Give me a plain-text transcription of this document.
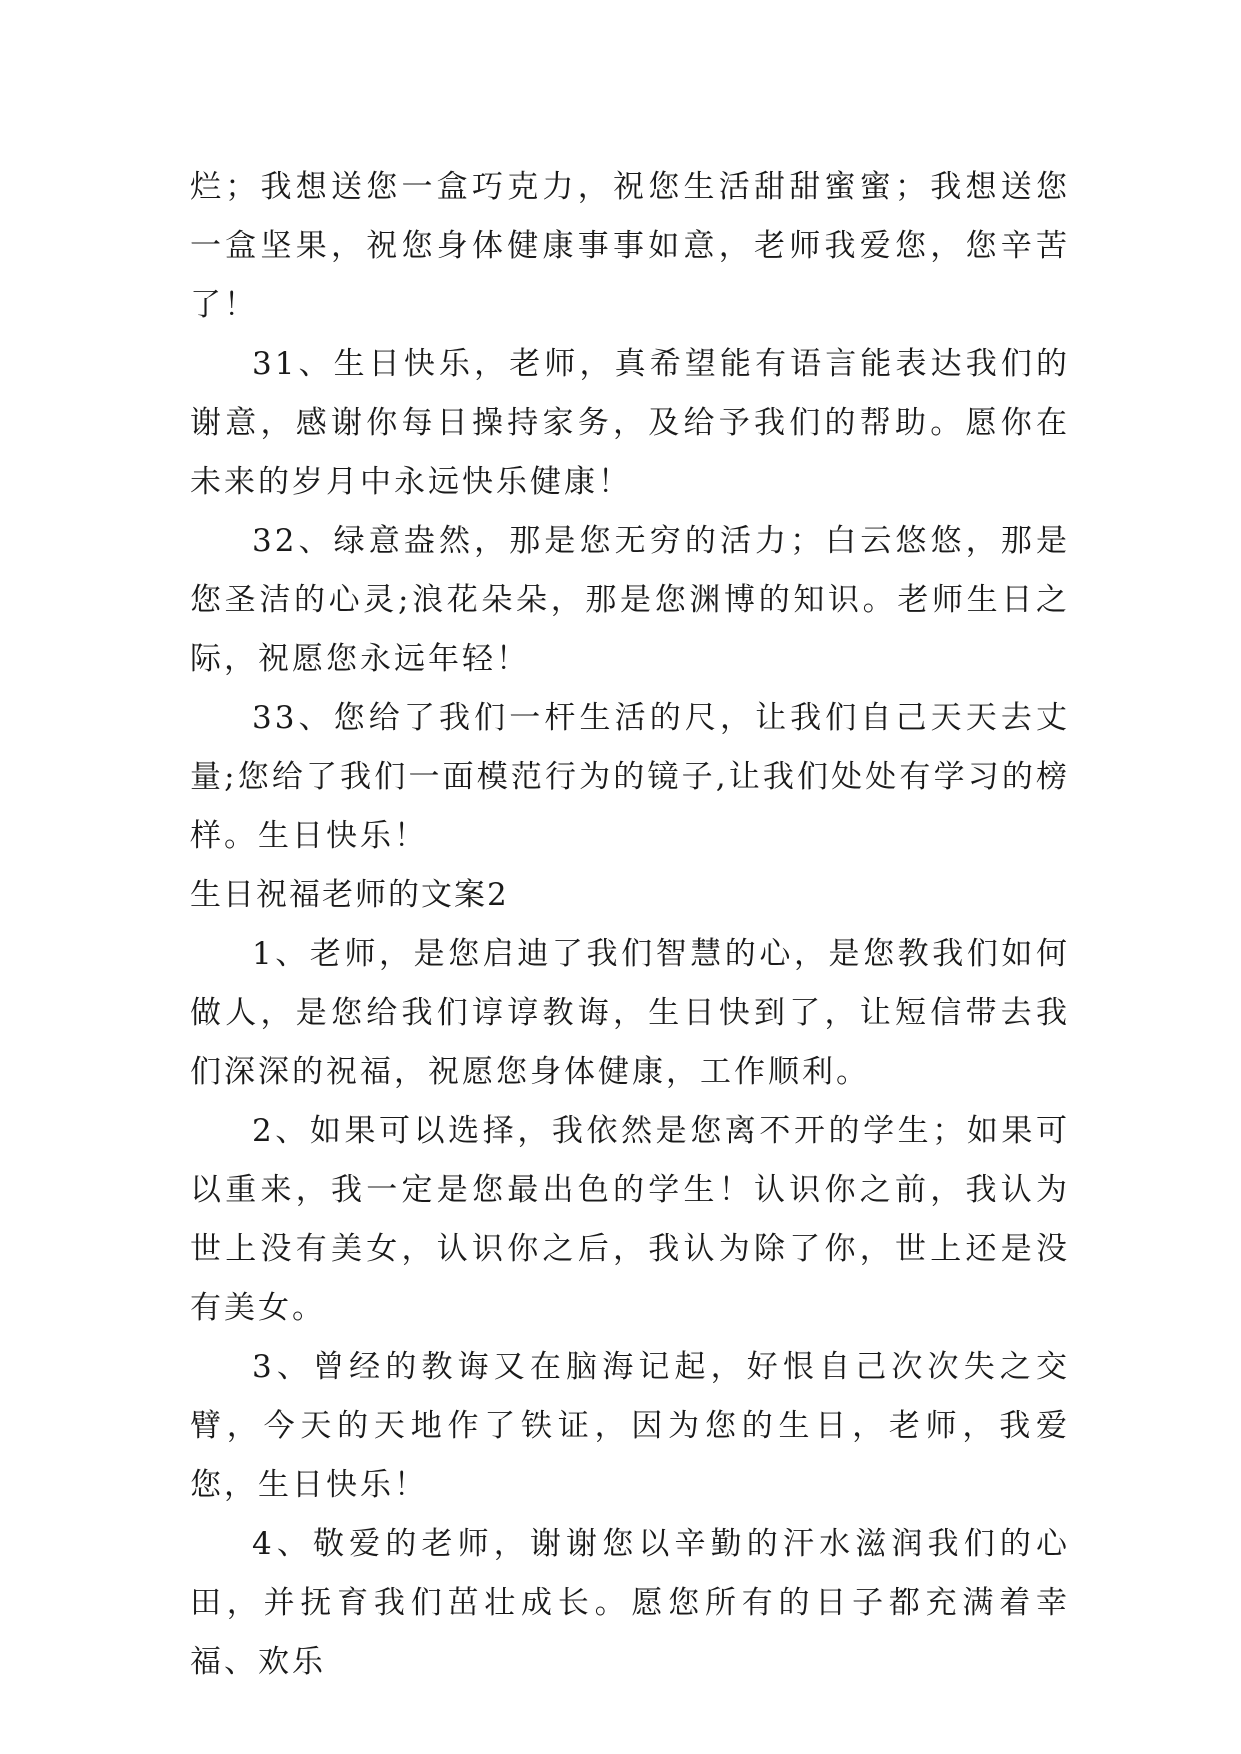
烂；我想送您一盒巧克力，祝您生活甜甜蜜蜜；我想送您一盒坚果，祝您身体健康事事如意，老师我爱您，您辛苦了！

31、生日快乐，老师，真希望能有语言能表达我们的谢意，感谢你每日操持家务，及给予我们的帮助。愿你在未来的岁月中永远快乐健康！

32、绿意盎然，那是您无穷的活力；白云悠悠，那是您圣洁的心灵;浪花朵朵，那是您渊博的知识。老师生日之际，祝愿您永远年轻！

33、您给了我们一杆生活的尺，让我们自己天天去丈量;您给了我们一面模范行为的镜子,让我们处处有学习的榜样。生日快乐！

生日祝福老师的文案2

1、老师，是您启迪了我们智慧的心，是您教我们如何做人，是您给我们谆谆教诲，生日快到了，让短信带去我们深深的祝福，祝愿您身体健康，工作顺利。

2、如果可以选择，我依然是您离不开的学生；如果可以重来，我一定是您最出色的学生！认识你之前，我认为世上没有美女，认识你之后，我认为除了你，世上还是没有美女。

3、曾经的教诲又在脑海记起，好恨自己次次失之交臂，今天的天地作了铁证，因为您的生日，老师，我爱您，生日快乐！

4、敬爱的老师，谢谢您以辛勤的汗水滋润我们的心田，并抚育我们茁壮成长。愿您所有的日子都充满着幸福、欢乐
